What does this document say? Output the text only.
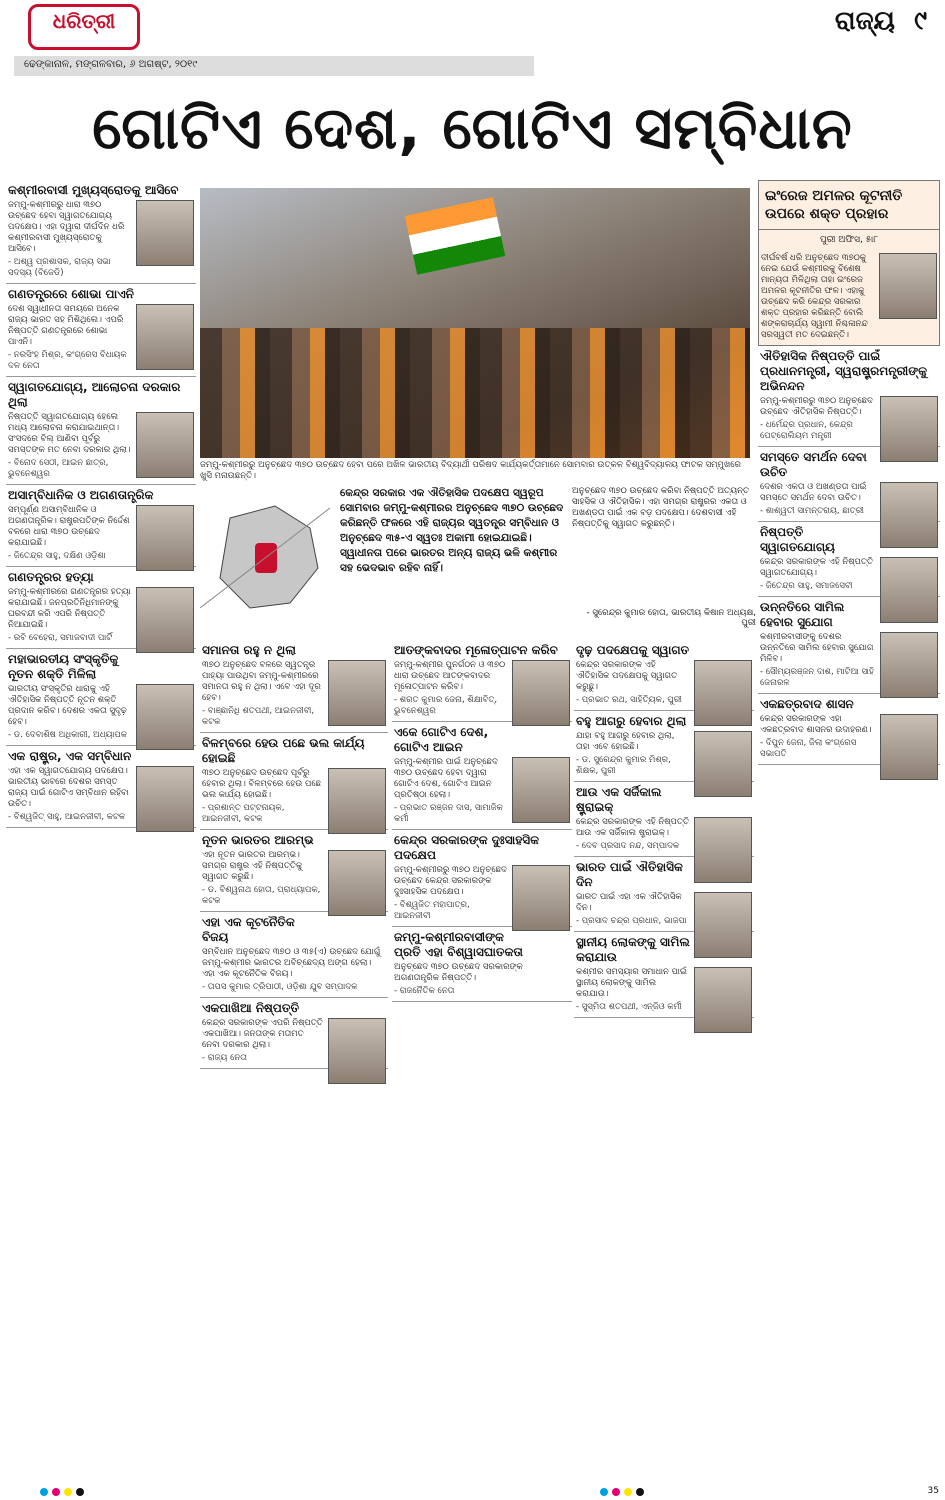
ଧରିତ୍ରୀ
ଢେଙ୍କାନାଳ, ମଙ୍ଗଳବାର, ୬ ଅଗଷ୍ଟ, ୨୦୧୯
ରାଜ୍ୟ ୯
ଗୋଟିଏ ଦେଶ, ଗୋଟିଏ ସମ୍ବିଧାନ
ଜମ୍ମୁ-କଶ୍ମୀରରୁ ଅନୁଚ୍ଛେଦ ୩୭୦ ଉଚ୍ଛେଦ ହେବା ପରେ ଅଖିଳ ଭାରତୀୟ ବିଦ୍ୟାର୍ଥୀ ପରିଷଦ କାର୍ଯ୍ୟକର୍ତ୍ତାମାନେ ସୋମବାର ଉତ୍କଳ ବିଶ୍ୱବିଦ୍ୟାଳୟ ଫାଟକ ସମ୍ମୁଖରେ ଖୁସି ମନାଉଛନ୍ତି।
କେନ୍ଦ୍ର ସରକାର ଏକ ଐତିହାସିକ ପଦକ୍ଷେପ ସ୍ୱରୂପ ସୋମବାର ଜମ୍ମୁ-କଶ୍ମୀରର ଅନୁଚ୍ଛେଦ ୩୭୦ ଉଚ୍ଛେଦ କରିଛନ୍ତି ଫଳରେ ଏହି ରାଜ୍ୟର ସ୍ୱତନ୍ତ୍ର ସମ୍ବିଧାନ ଓ ଅନୁଚ୍ଛେଦ ୩୫-ଏ ସ୍ୱତଃ ଅକାମୀ ହୋଇଯାଇଛି। ସ୍ୱାଧୀନତା ପରେ ଭାରତର ଅନ୍ୟ ରାଜ୍ୟ ଭଳି କଶ୍ମୀର ସହ ଭେଦଭାବ ରହିବ ନାହିଁ।
ଅନୁଚ୍ଛେଦ ୩୭୦ ଉଚ୍ଛେଦ କରିବା ନିଷ୍ପତ୍ତି ଅତ୍ୟନ୍ତ ସାହସିକ ଓ ଐତିହାସିକ। ଏହା ସମଗ୍ର ରାଷ୍ଟ୍ରର ଏକତା ଓ ଅଖଣ୍ଡତା ପାଇଁ ଏକ ବଡ଼ ପଦକ୍ଷେପ। ଦେଶବାସୀ ଏହି ନିଷ୍ପତ୍ତିକୁ ସ୍ୱାଗତ କରୁଛନ୍ତି।
- ସୁରେନ୍ଦ୍ର କୁମାର ହୋତା, ଭାରତୀୟ କିଷାନ ଅଧ୍ୟକ୍ଷ, ପୁରୀ
କଶ୍ମୀରବାସୀ ମୁଖ୍ୟସ୍ରୋତକୁ ଆସିବେ
ଜମ୍ମୁ-କଶ୍ମୀରରୁ ଧାରା ୩୭୦ ଉଚ୍ଛେଦ ହେବା ସ୍ୱାଗତଯୋଗ୍ୟ ପଦକ୍ଷେପ। ଏହା ଦ୍ୱାରା ଦୀର୍ଘଦିନ ଧରି କଶ୍ମୀରବାସୀ ମୁଖ୍ୟସ୍ରୋତକୁ ଆସିବେ।
- ଅଶ୍ୱ ପ୍ରଶାସକ, ରାଜ୍ୟ ସଭା ସଦସ୍ୟ (ବିଜେଡି)
ଗଣତନ୍ତ୍ରରେ ଶୋଭା ପାଏନି
ଦେଶ ସ୍ୱାଧୀନତା ସମୟରେ ଅନେକ ରାଜ୍ୟ ଭାରତ ସହ ମିଶିଥିଲେ। ଏପରି ନିଷ୍ପତ୍ତି ଗଣତନ୍ତ୍ରରେ ଶୋଭା ପାଏନି।
- ନରସିଂହ ମିଶ୍ର, କଂଗ୍ରେସ ବିଧାୟକ ଦଳ ନେତା
ସ୍ୱାଗତଯୋଗ୍ୟ, ଆଲୋଚନା ଦରକାର ଥିଲା
ନିଷ୍ପତ୍ତି ସ୍ୱାଗତଯୋଗ୍ୟ ହେଲେ ମଧ୍ୟ ଆଲୋଚନା କରାଯାଇଥାନ୍ତା। ସଂସଦରେ ବିଲ୍ ଆଣିବା ପୂର୍ବରୁ ସମସ୍ତଙ୍କ ମତ ନେବା ଦରକାର ଥିଲା।
- ବିନୋଦ ସେଠୀ, ଆଇନ ଛାତ୍ର, ଭୁବନେଶ୍ୱର
ଅସାମ୍ବିଧାନିକ ଓ ଅଗଣତାନ୍ତ୍ରିକ
ସମ୍ପୂର୍ଣ୍ଣ ଅସାମ୍ବିଧାନିକ ଓ ଅଗଣତାନ୍ତ୍ରିକ। ରାଷ୍ଟ୍ରପତିଙ୍କ ନିର୍ଦ୍ଦେଶ ବଳରେ ଧାରା ୩୭୦ ଉଚ୍ଛେଦ କରାଯାଇଛି।
- ଜିତେନ୍ଦ୍ର ସାହୁ, ଦକ୍ଷିଣ ଓଡ଼ିଶା
ଗଣତନ୍ତ୍ରର ହତ୍ୟା
ଜମ୍ମୁ-କଶ୍ମୀରରେ ଗଣତନ୍ତ୍ରର ହତ୍ୟା କରାଯାଇଛି। ଜନପ୍ରତିନିଧିମାନଙ୍କୁ ଘରବନ୍ଦୀ କରି ଏପରି ନିଷ୍ପତ୍ତି ନିଆଯାଇଛି।
- ରବି ବେହେରା, ସମାଜବାଦୀ ପାର୍ଟି
ମହାଭାରତୀୟ ସଂସ୍କୃତିକୁ ନୂତନ ଶକ୍ତି ମିଳିଲା
ଭାରତୀୟ ସଂସ୍କୃତିର ଧାରାକୁ ଏହି ଐତିହାସିକ ନିଷ୍ପତ୍ତି ନୂତନ ଶକ୍ତି ପ୍ରଦାନ କରିବ। ଦେଶର ଏକତା ସୁଦୃଢ଼ ହେବ।
- ଡ. ଦେବାଶିଷ ଅଧିକାରୀ, ଅଧ୍ୟାପକ
ଏକ ରାଷ୍ଟ୍ର, ଏକ ସମ୍ବିଧାନ
ଏହା ଏକ ସ୍ୱାଗତଯୋଗ୍ୟ ପଦକ୍ଷେପ। ଭାରତୀୟ ଭାବରେ ଦେଶର ସମସ୍ତ ରାଜ୍ୟ ପାଇଁ ଗୋଟିଏ ସମ୍ବିଧାନ ରହିବା ଉଚିତ।
- ବିଶ୍ୱଜିତ୍ ସାହୁ, ଆଇନଜୀବୀ, କଟକ
ସମାନତା ରହୁ ନ ଥିଲା
୩୭୦ ଅନୁଚ୍ଛେଦ ବଳରେ ସ୍ୱତନ୍ତ୍ର ପାହ୍ୟା ପାଉଥିବା ଜମ୍ମୁ-କଶ୍ମୀରରେ ସମାନତା ରହୁ ନ ଥିଲା। ଏବେ ଏହା ଦୂର ହେବ।
- ବାଞ୍ଛାନିଧି ଶତପଥୀ, ଆଇନଜୀବୀ, କଟକ
ବିଳମ୍ବରେ ହେଉ ପଛେ ଭଲ କାର୍ଯ୍ୟ ହୋଇଛି
୩୭୦ ଅନୁଚ୍ଛେଦ ଉଚ୍ଛେଦ ପୂର୍ବରୁ ହେବାର ଥିଲା। ବିଳମ୍ବରେ ହେଉ ପଛେ ଭଲ କାର୍ଯ୍ୟ ହୋଇଛି।
- ପ୍ରଶାନ୍ତ ପଟ୍ଟନାୟକ, ଆଇନଜୀବୀ, କଟକ
ନୂତନ ଭାରତର ଆରମ୍ଭ
ଏହା ନୂତନ ଭାରତର ଆରମ୍ଭ। ସମଗ୍ର ରାଷ୍ଟ୍ର ଏହି ନିଷ୍ପତ୍ତିକୁ ସ୍ୱାଗତ କରୁଛି।
- ଡ. ବିଶ୍ୱନାଥ ହୋତା, ପ୍ରାଧ୍ୟାପକ, କଟକ
ଏହା ଏକ କୂଟନୈତିକ ବିଜୟ
ସମ୍ବିଧାନ ଅନୁଚ୍ଛେଦ ୩୭୦ ଓ ୩୫(ଏ) ଉଚ୍ଛେଦ ଯୋଗୁଁ ଜମ୍ମୁ-କଶ୍ମୀର ଭାରତର ଅବିଚ୍ଛେଦ୍ୟ ଅଙ୍ଗ ହେଲା। ଏହା ଏକ କୂଟନୈତିକ ବିଜୟ।
- ତାପସ କୁମାର ତ୍ରିପାଠୀ, ଓଡ଼ିଶା ଯୁବ ସମ୍ପାଦକ
ଏକପାଖିଆ ନିଷ୍ପତ୍ତି
କେନ୍ଦ୍ର ସରକାରଙ୍କ ଏପରି ନିଷ୍ପତ୍ତି ଏକପାଖିଆ। ଜନତାଙ୍କ ମତାମତ ନେବା ଦରକାର ଥିଲା।
- ରାଜ୍ୟ ନେତା
ଆତଙ୍କବାଦର ମୂଳୋତ୍ପାଟନ କରିବ
ଜମ୍ମୁ-କଶ୍ମୀର ପୁନର୍ଗଠନ ଓ ୩୭୦ ଧାରା ଉଚ୍ଛେଦ ଆତଙ୍କବାଦର ମୂଳୋତ୍ପାଟନ କରିବ।
- ଶରତ କୁମାର ଜେନା, ଶିକ୍ଷାବିତ୍, ଭୁବନେଶ୍ୱର
ଏକେ ଗୋଟିଏ ଦେଶ, ଗୋଟିଏ ଆଇନ
ଜମ୍ମୁ-କଶ୍ମୀର ପାଇଁ ଅନୁଚ୍ଛେଦ ୩୭୦ ଉଚ୍ଛେଦ ହେବା ଦ୍ୱାରା ଗୋଟିଏ ଦେଶ, ଗୋଟିଏ ଆଇନ ପ୍ରତିଷ୍ଠା ହେଲା।
- ପ୍ରଭାତ ରଞ୍ଜନ ଦାସ, ସାମାଜିକ କର୍ମୀ
କେନ୍ଦ୍ର ସରକାରଙ୍କ ଦୁଃସାହସିକ ପଦକ୍ଷେପ
ଜମ୍ମୁ-କଶ୍ମୀରରୁ ୩୭୦ ଅନୁଚ୍ଛେଦ ଉଚ୍ଛେଦ କେନ୍ଦ୍ର ସରକାରଙ୍କ ଦୁଃସାହସିକ ପଦକ୍ଷେପ।
- ବିଶ୍ୱଜିତ ମହାପାତ୍ର, ଆଇନଜୀବୀ
ଜମ୍ମୁ-କଶ୍ମୀରବାସୀଙ୍କ ପ୍ରତି ଏହା ବିଶ୍ୱାସଘାତକତା
ଅନୁଚ୍ଛେଦ ୩୭୦ ଉଚ୍ଛେଦ ସରକାରଙ୍କ ଅଗଣତାନ୍ତ୍ରିକ ନିଷ୍ପତ୍ତି।
- ରାଜନୈତିକ ନେତା
ଦୃଢ଼ ପଦକ୍ଷେପକୁ ସ୍ୱାଗତ
କେନ୍ଦ୍ର ସରକାରଙ୍କ ଏହି ଐତିହାସିକ ପଦକ୍ଷେପକୁ ସ୍ୱାଗତ କରୁଛୁ।
- ପ୍ରଭାତ ରଥ, ସାହିତ୍ୟିକ, ପୁରୀ
ବହୁ ଆଗରୁ ହେବାର ଥିଲା
ଯାହା ବହୁ ଆଗରୁ ହେବାର ଥିଲା, ତାହା ଏବେ ହୋଇଛି।
- ଡ. ସୁରେନ୍ଦ୍ର କୁମାର ମିଶ୍ର, ଶିକ୍ଷକ, ପୁରୀ
ଆଉ ଏକ ସର୍ଜିକାଲ ଷ୍ଟ୍ରାଇକ୍
କେନ୍ଦ୍ର ସରକାରଙ୍କ ଏହି ନିଷ୍ପତ୍ତି ଆଉ ଏକ ସର୍ଜିକାଲ ଷ୍ଟ୍ରାଇକ୍।
- ଦେବ ପ୍ରସାଦ ନନ୍ଦ, ସମ୍ପାଦକ
ଭାରତ ପାଇଁ ଐତିହାସିକ ଦିନ
ଭାରତ ପାଇଁ ଏହା ଏକ ଐତିହାସିକ ଦିନ।
- ପ୍ରସାଦ ଚନ୍ଦ୍ର ପ୍ରଧାନ, ଭାଜପା
ସ୍ଥାନୀୟ ଲୋକଙ୍କୁ ସାମିଲ କରାଯାଉ
କଶ୍ମୀର ସମସ୍ୟାର ସମାଧାନ ପାଇଁ ସ୍ଥାନୀୟ ଲୋକଙ୍କୁ ସାମିଲ କରାଯାଉ।
- ସୁସ୍ମିତା ଶତପଥୀ, ଏନ୍‌ଜିଓ କର୍ମୀ
ଇଂରେଜ ଅମଳର କୂଟନୀତି ଉପରେ ଶକ୍ତ ପ୍ରହାର
ପୁରୀ ଅଫିସ, ୫ା୮
ଦୀର୍ଘବର୍ଷ ଧରି ଅନୁଚ୍ଛେଦ ୩୭୦କୁ ନେଇ ଯେଉଁ କଶ୍ମୀରକୁ ବିଶେଷ ମାନ୍ୟତା ମିଳିଥିଲା ତାହା ଇଂରେଜ ଅମଳର କୂଟନୀତିର ଫଳ। ଏହାକୁ ଉଚ୍ଛେଦ କରି କେନ୍ଦ୍ର ସରକାର ଶକ୍ତ ପ୍ରହାର କରିଛନ୍ତି ବୋଲି ଶଙ୍କରାଚାର୍ଯ୍ୟ ସ୍ୱାମୀ ନିଶ୍ଚଳାନନ୍ଦ ସରସ୍ୱତୀ ମତ ଦେଇଛନ୍ତି।
ଐତିହାସିକ ନିଷ୍ପତ୍ତି ପାଇଁ ପ୍ରଧାନମନ୍ତ୍ରୀ, ସ୍ୱରାଷ୍ଟ୍ରମନ୍ତ୍ରୀଙ୍କୁ ଅଭିନନ୍ଦନ
ଜମ୍ମୁ-କଶ୍ମୀରରୁ ୩୭୦ ଅନୁଚ୍ଛେଦ ଉଚ୍ଛେଦ ଐତିହାସିକ ନିଷ୍ପତ୍ତି।
- ଧର୍ମେନ୍ଦ୍ର ପ୍ରଧାନ, କେନ୍ଦ୍ର ପେଟ୍ରୋଲିୟମ ମନ୍ତ୍ରୀ
ସମସ୍ତେ ସମର୍ଥନ ଦେବା ଉଚିତ
ଦେଶର ଏକତା ଓ ଅଖଣ୍ଡତା ପାଇଁ ସମସ୍ତେ ସମର୍ଥନ ଦେବା ଉଚିତ।
- ଶାଶ୍ୱତୀ ସାମନ୍ତରାୟ, ଛାତ୍ରୀ
ନିଷ୍ପତ୍ତି ସ୍ୱାଗତଯୋଗ୍ୟ
କେନ୍ଦ୍ର ସରକାରଙ୍କ ଏହି ନିଷ୍ପତ୍ତି ସ୍ୱାଗତଯୋଗ୍ୟ।
- ଜିତେନ୍ଦ୍ର ସାହୁ, ସମାଜସେବୀ
ଉନ୍ନତିରେ ସାମିଲ ହେବାର ସୁଯୋଗ
କଶ୍ମୀରବାସୀଙ୍କୁ ଦେଶର ଉନ୍ନତିରେ ସାମିଲ ହେବାର ସୁଯୋଗ ମିଳିବ।
- ସୌମ୍ୟରଞ୍ଜନ ଦାଶ, ମାଟିଆ ସାହି ଜେନାରଳ
ଏକଛତ୍ରବାଦ ଶାସନ
କେନ୍ଦ୍ର ସରକାରଙ୍କ ଏହା ଏକଛତ୍ରବାଦ ଶାସନର ଉଦାହରଣ।
- ଦିପୁନ ଜେନା, ଜିଲା କଂଗ୍ରେସ ସଭାପତି
35
